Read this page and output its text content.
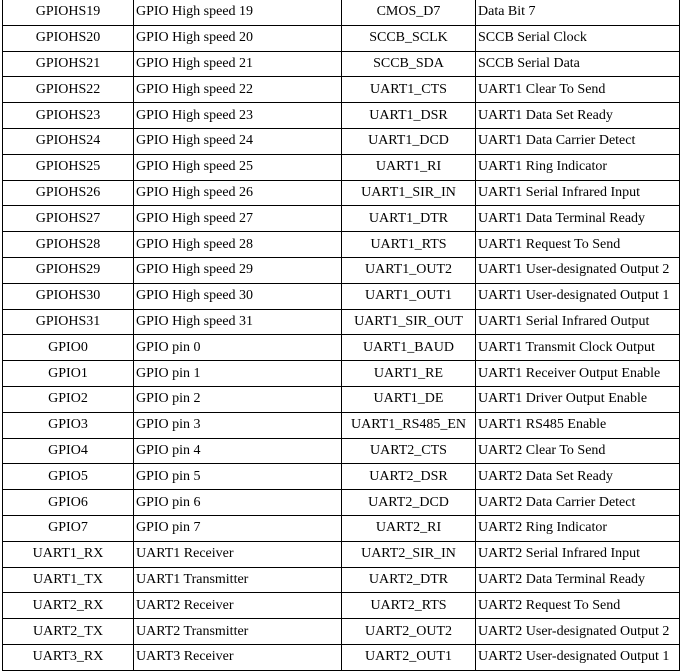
GPIOHS19	GPIO High speed 19	CMOS_D7	Data Bit 7
GPIOHS20	GPIO High speed 20	SCCB_SCLK	SCCB Serial Clock
GPIOHS21	GPIO High speed 21	SCCB_SDA	SCCB Serial Data
GPIOHS22	GPIO High speed 22	UART1_CTS	UART1 Clear To Send
GPIOHS23	GPIO High speed 23	UART1_DSR	UART1 Data Set Ready
GPIOHS24	GPIO High speed 24	UART1_DCD	UART1 Data Carrier Detect
GPIOHS25	GPIO High speed 25	UART1_RI	UART1 Ring Indicator
GPIOHS26	GPIO High speed 26	UART1_SIR_IN	UART1 Serial Infrared Input
GPIOHS27	GPIO High speed 27	UART1_DTR	UART1 Data Terminal Ready
GPIOHS28	GPIO High speed 28	UART1_RTS	UART1 Request To Send
GPIOHS29	GPIO High speed 29	UART1_OUT2	UART1 User-designated Output 2
GPIOHS30	GPIO High speed 30	UART1_OUT1	UART1 User-designated Output 1
GPIOHS31	GPIO High speed 31	UART1_SIR_OUT	UART1 Serial Infrared Output
GPIO0	GPIO pin 0	UART1_BAUD	UART1 Transmit Clock Output
GPIO1	GPIO pin 1	UART1_RE	UART1 Receiver Output Enable
GPIO2	GPIO pin 2	UART1_DE	UART1 Driver Output Enable
GPIO3	GPIO pin 3	UART1_RS485_EN	UART1 RS485 Enable
GPIO4	GPIO pin 4	UART2_CTS	UART2 Clear To Send
GPIO5	GPIO pin 5	UART2_DSR	UART2 Data Set Ready
GPIO6	GPIO pin 6	UART2_DCD	UART2 Data Carrier Detect
GPIO7	GPIO pin 7	UART2_RI	UART2 Ring Indicator
UART1_RX	UART1 Receiver	UART2_SIR_IN	UART2 Serial Infrared Input
UART1_TX	UART1 Transmitter	UART2_DTR	UART2 Data Terminal Ready
UART2_RX	UART2 Receiver	UART2_RTS	UART2 Request To Send
UART2_TX	UART2 Transmitter	UART2_OUT2	UART2 User-designated Output 2
UART3_RX	UART3 Receiver	UART2_OUT1	UART2 User-designated Output 1
